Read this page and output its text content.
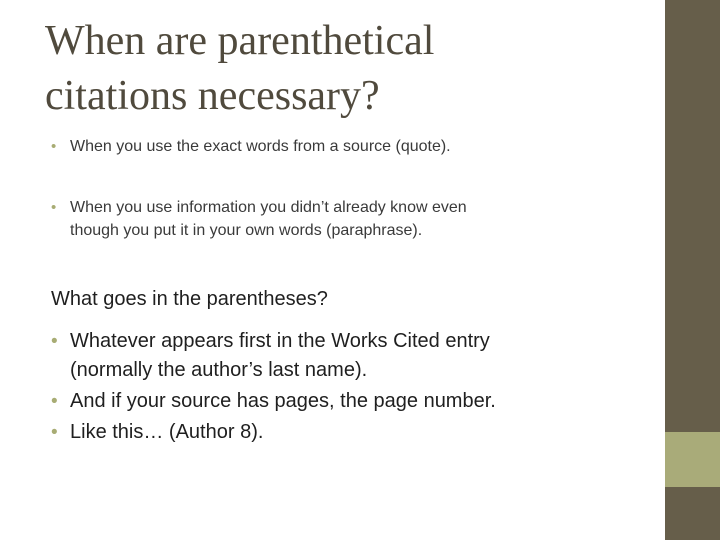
When are parenthetical
citations necessary?
• When you use the exact words from a source (quote).
• When you use information you didn’t already know even
though you put it in your own words (paraphrase).

What goes in the parentheses?

• Whatever appears first in the Works Cited entry
(normally the author’s last name).
• And if your source has pages, the page number.
• Like this… (Author 8).
